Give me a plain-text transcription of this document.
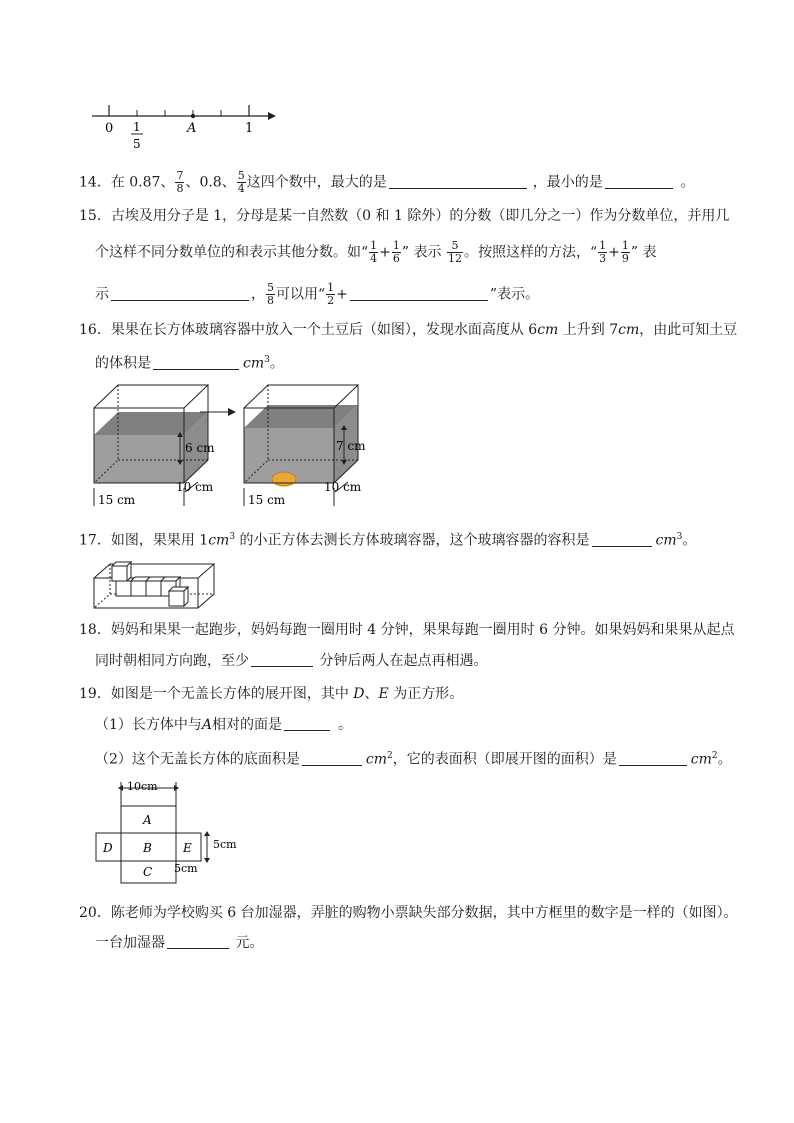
0 1
5
A	1
14．在 0.87、 $\frac{7}{8}$ 、0.8、 $\frac{5}{4}$ 这四个数中，最大的是	，最小的是	。
15．古埃及用分子是 1，分母是某一自然数（0 和 1 除外）的分数（即几分之一）作为分数单位，并用几
个这样不同分数单位的和表示其他分数。如“ $\frac{1}{4} + \frac{1}{6}$ ” 表示 $\frac{5}{12}$ 。按照这样的方法，“ $\frac{1}{3} + \frac{1}{9}$ ” 表
示	， $\frac{5}{8}$ 可以用“ $\frac{1}{2}$ +	”表示。
16．果果在长方体玻璃容器中放入一个土豆后（如图），发现水面高度从 6cm 上升到 7cm，由此可知土豆
的体积是	$cm^3$。
6 cm
10 cm
15 cm
7 cm
10 cm
15 cm
17．如图，果果用 $1cm^3$ 的小正方体去测长方体玻璃容器，这个玻璃容器的容积是	$cm^3$。
18．妈妈和果果一起跑步，妈妈每跑一圈用时 4 分钟，果果每跑一圈用时 6 分钟。如果妈妈和果果从起点
同时朝相同方向跑，至少	分钟后两人在起点再相遇。
19．如图是一个无盖长方体的展开图，其中 D、E 为正方形。
（1）长方体中与A相对的面是	。
（2）这个无盖长方体的底面积是	$cm^2$，它的表面积（即展开图的面积）是	$cm^2$。
10cm
A
D	B	E
C
5cm
5cm
20．陈老师为学校购买 6 台加湿器，弄脏的购物小票缺失部分数据，其中方框里的数字是一样的（如图）。
一台加湿器	元。
